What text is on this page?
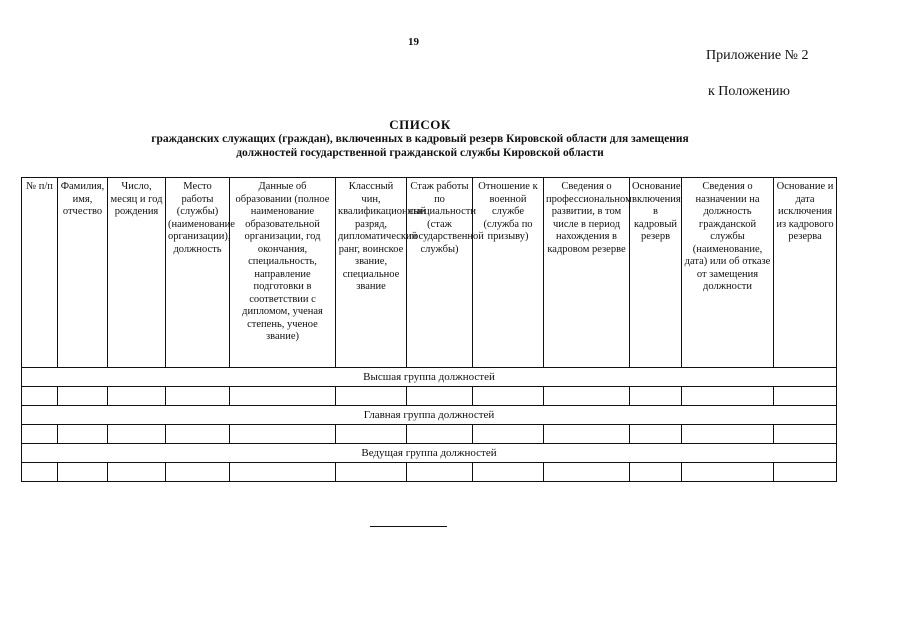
19
Приложение № 2
к Положению
СПИСОК
гражданских служащих (граждан), включенных в кадровый резерв Кировской области для замещения
должностей государственной гражданской службы Кировской области
№ п/п	Фамилия, имя, отчество	Число, месяц и год рождения	Место работы (службы) (наименование организации), должность	Данные об образовании (полное наименование образовательной организации, год окончания, специальность, направление подготовки в соответствии с дипломом, ученая степень, ученое звание)	Классный чин, квалификационный разряд, дипломатический ранг, воинское звание, специальное звание	Стаж работы по специальности (стаж государственной службы)	Отношение к военной службе (служба по призыву)	Сведения о профессиональном развитии, в том числе в период нахождения в кадровом резерве	Основание включения в кадровый резерв	Сведения о назначении на должность гражданской службы (наименование, дата) или об отказе от замещения должности	Основание и дата исключения из кадрового резерва
Высшая группа должностей											

Главная группа должностей											

Ведущая группа должностей											
